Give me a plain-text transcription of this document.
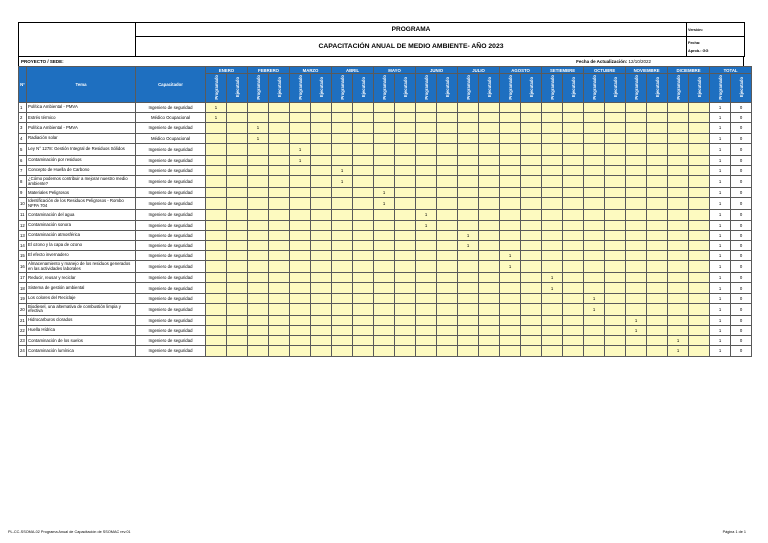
	PROGRAMA	Versión:
	CAPACITACIÓN ANUAL DE MEDIO AMBIENTE- AÑO 2023	Fecha:
Aprob.: GG
PROYECTO / SEDE:	Fecha de Actualización: 12/10/2022
N°	Tema	Capacitador	ENERO		FEBRERO		MARZO		ABRIL		MAYO		JUNIO		JULIO		AGOSTO		SETIEMBRE		OCTUBRE		NOVIEMBRE		DICIEMBRE		TOTAL	
			Programado	Ejecutado	Programado	Ejecutado	Programado	Ejecutado	Programado	Ejecutado	Programado	Ejecutado	Programado	Ejecutado	Programado	Ejecutado	Programado	Ejecutado	Programado	Ejecutado	Programado	Ejecutado	Programado	Ejecutado	Programado	Ejecutado	Programado	Ejecutado
1	Política Ambiental - PMVA	Ingeniero de seguridad	1																								1	0
2	Estrés térmico	Médico Ocupacional	1																								1	0
3	Política Ambiental - PMVA	Ingeniero de seguridad			1																						1	0
4	Radiación solar	Médico Ocupacional			1																						1	0
5	Ley N° 1278: Gestión Integral de Residuos Sólidos	Ingeniero de seguridad					1																				1	0
6	Contaminación por residuos	Ingeniero de seguridad					1																				1	0
7	Concepto de Huella de Carbono	Ingeniero de seguridad							1																		1	0
8	¿Cómo podemos contribuir a mejorar nuestro medio ambiente?	Ingeniero de seguridad							1																		1	0
9	Materiales Peligrosos	Ingeniero de seguridad									1																1	0
10	Identificación de los Residuos Peligrosos - Rombo NFPA 704	Ingeniero de seguridad									1																1	0
11	Contaminación del agua	Ingeniero de seguridad											1														1	0
12	Contaminación sonora	Ingeniero de seguridad											1														1	0
13	Contaminación atmosférica	Ingeniero de seguridad													1												1	0
14	El ozono y la capa de ozono	Ingeniero de seguridad													1												1	0
15	El efecto invernadero	Ingeniero de seguridad															1										1	0
16	Almacenamiento y manejo de los residuos generados en las actividades laborales	Ingeniero de seguridad															1										1	0
17	Reducir, reusar y reciclar	Ingeniero de seguridad																	1								1	0
18	Sistema de gestión ambiental	Ingeniero de seguridad																	1								1	0
19	Los colores del Reciclaje	Ingeniero de seguridad																			1						1	0
20	Biodiesel, una alternativa de combustión limpia y efectiva	Ingeniero de seguridad																			1						1	0
21	Hidrocarburos clorados	Ingeniero de seguridad																					1				1	0
22	Huella Hídrica	Ingeniero de seguridad																					1				1	0
23	Contaminación de los suelos	Ingeniero de seguridad																							1		1	0
24	Contaminación lumínica	Ingeniero de seguridad																							1		1	0
PL-CC-SSOMA-02 Programa Anual de Capacitación de SSOMAC rev.01	Página 1 de 1
